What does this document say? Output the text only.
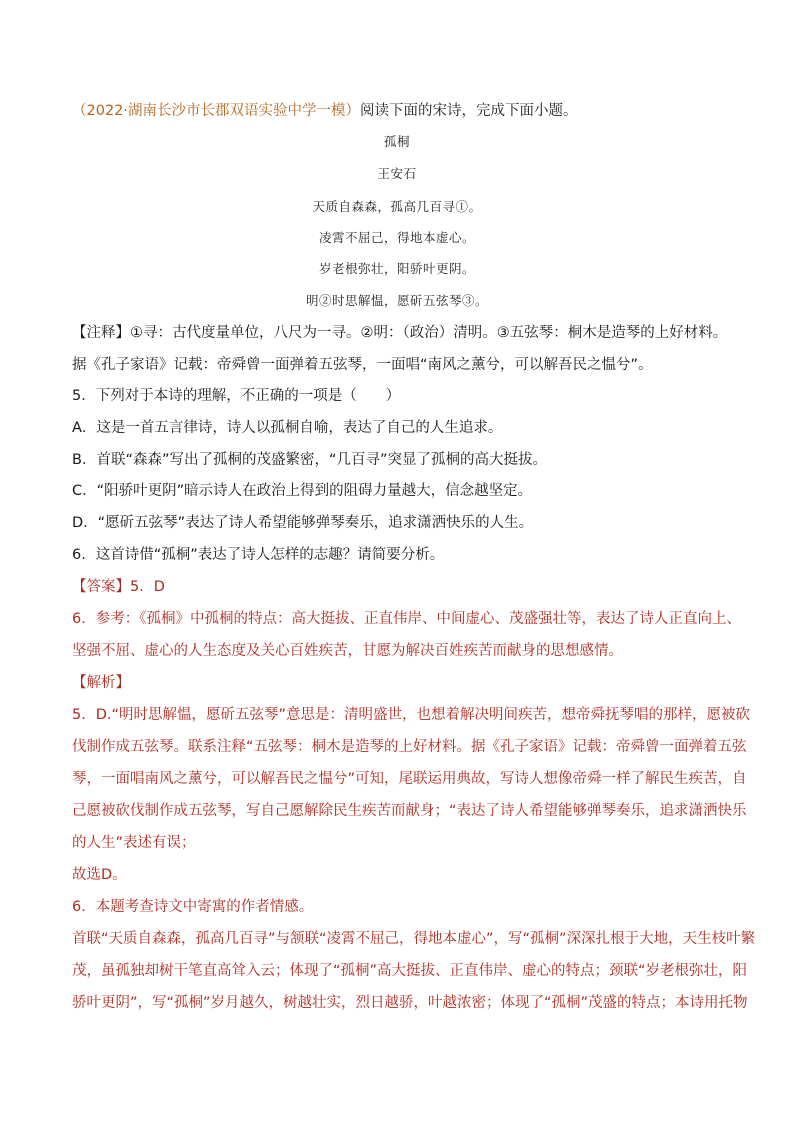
（2022·湖南长沙市长郡双语实验中学一模）阅读下面的宋诗，完成下面小题。
孤桐
王安石
天质自森森，孤高几百寻①。
凌霄不屈己，得地本虚心。
岁老根弥壮，阳骄叶更阴。
明②时思解愠，愿斫五弦琴③。
【注释】①寻：古代度量单位，八尺为一寻。②明：（政治）清明。③五弦琴：桐木是造琴的上好材料。
据《孔子家语》记载：帝舜曾一面弹着五弦琴，一面唱“南风之薰兮，可以解吾民之愠兮”。
5．下列对于本诗的理解，不正确的一项是（　　）
A．这是一首五言律诗，诗人以孤桐自喻，表达了自己的人生追求。
B．首联“森森”写出了孤桐的茂盛繁密，“几百寻”突显了孤桐的高大挺拔。
C．“阳骄叶更阴”暗示诗人在政治上得到的阻碍力量越大，信念越坚定。
D．“愿斫五弦琴”表达了诗人希望能够弹琴奏乐，追求潇洒快乐的人生。
6．这首诗借“孤桐”表达了诗人怎样的志趣？请简要分析。
【答案】5．D
6．参考：《孤桐》中孤桐的特点：高大挺拔、正直伟岸、中间虚心、茂盛强壮等，表达了诗人正直向上、
坚强不屈、虚心的人生态度及关心百姓疾苦，甘愿为解决百姓疾苦而献身的思想感情。
【解析】
5．D.“明时思解愠，愿斫五弦琴”意思是：清明盛世，也想着解决明间疾苦，想帝舜抚琴唱的那样，愿被砍
伐制作成五弦琴。联系注释“五弦琴：桐木是造琴的上好材料。据《孔子家语》记载：帝舜曾一面弹着五弦
琴，一面唱南风之薰兮，可以解吾民之愠兮”可知，尾联运用典故，写诗人想像帝舜一样了解民生疾苦，自
己愿被砍伐制作成五弦琴，写自己愿解除民生疾苦而献身；“表达了诗人希望能够弹琴奏乐，追求潇洒快乐
的人生”表述有误；
故选D。
6．本题考查诗文中寄寓的作者情感。
首联“天质自森森，孤高几百寻”与颔联“凌霄不屈己，得地本虚心”，写“孤桐”深深扎根于大地，天生枝叶繁
茂，虽孤独却树干笔直高耸入云；体现了“孤桐”高大挺拔、正直伟岸、虚心的特点；颈联“岁老根弥壮，阳
骄叶更阴”，写“孤桐”岁月越久，树越壮实，烈日越骄，叶越浓密；体现了“孤桐”茂盛的特点；本诗用托物
